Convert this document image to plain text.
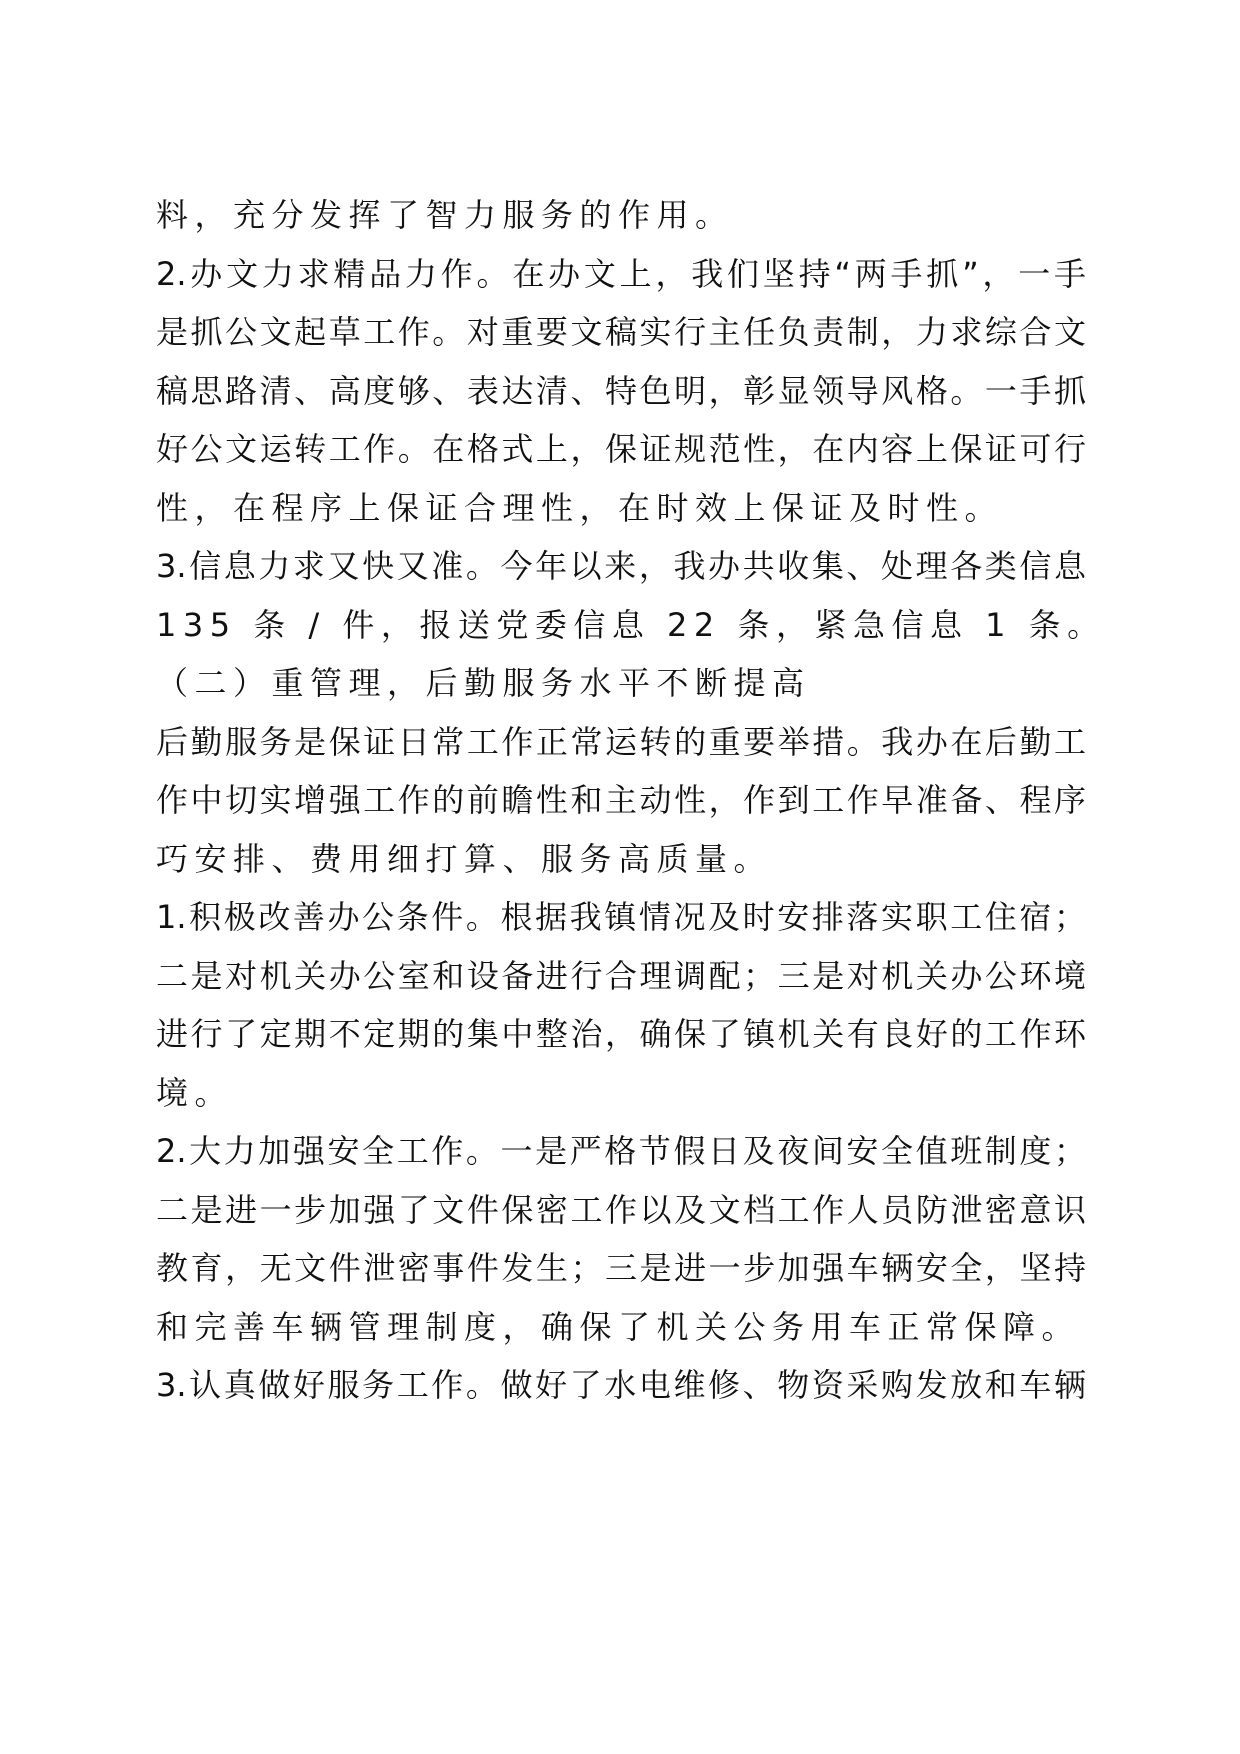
料，充分发挥了智力服务的作用。

2.办文力求精品力作。在办文上，我们坚持“两手抓”，一手

是抓公文起草工作。对重要文稿实行主任负责制，力求综合文

稿思路清、高度够、表达清、特色明，彰显领导风格。一手抓

好公文运转工作。在格式上，保证规范性，在内容上保证可行

性，在程序上保证合理性，在时效上保证及时性。

3.信息力求又快又准。今年以来，我办共收集、处理各类信息

135 条 / 件，报送党委信息 22 条，紧急信息 1 条。

（二）重管理，后勤服务水平不断提高

后勤服务是保证日常工作正常运转的重要举措。我办在后勤工

作中切实增强工作的前瞻性和主动性，作到工作早准备、程序

巧安排、费用细打算、服务高质量。

1.积极改善办公条件。根据我镇情况及时安排落实职工住宿；

二是对机关办公室和设备进行合理调配；三是对机关办公环境

进行了定期不定期的集中整治，确保了镇机关有良好的工作环

境。

2.大力加强安全工作。一是严格节假日及夜间安全值班制度；

二是进一步加强了文件保密工作以及文档工作人员防泄密意识

教育，无文件泄密事件发生；三是进一步加强车辆安全，坚持

和完善车辆管理制度，确保了机关公务用车正常保障。

3.认真做好服务工作。做好了水电维修、物资采购发放和车辆
